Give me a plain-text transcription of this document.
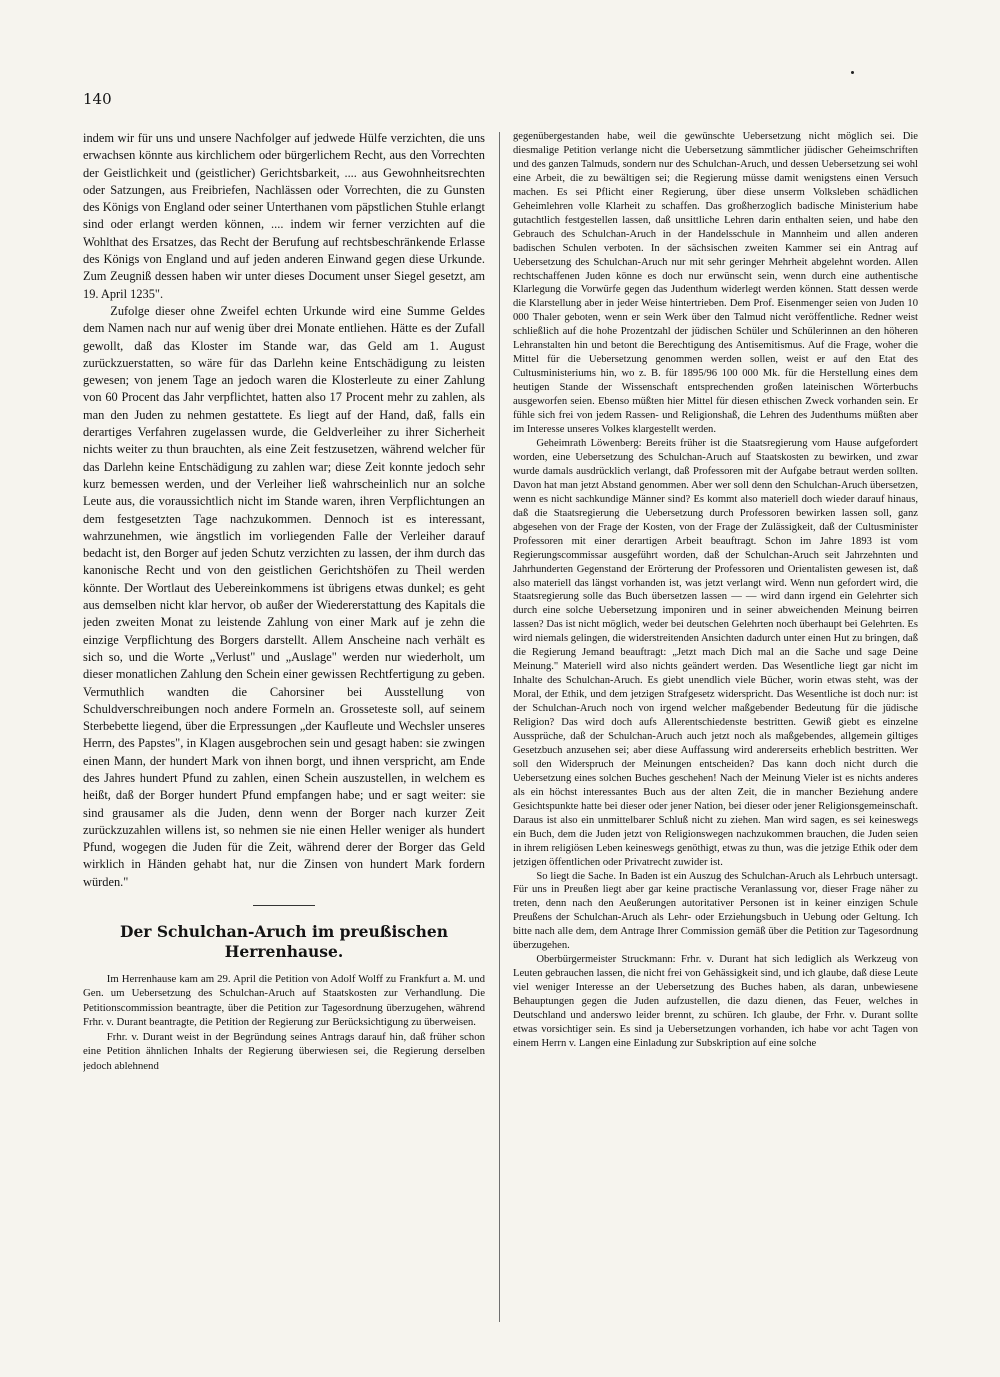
140

indem wir für uns und unsere Nachfolger auf jedwede Hülfe verzichten, die uns erwachsen könnte aus kirchlichem oder bürgerlichem Recht, aus den Vorrechten der Geistlichkeit und (geistlicher) Gerichtsbarkeit, .... aus Gewohnheitsrechten oder Satzungen, aus Freibriefen, Nachlässen oder Vorrechten, die zu Gunsten des Königs von England oder seiner Unterthanen vom päpstlichen Stuhle erlangt sind oder erlangt werden können, .... indem wir ferner verzichten auf die Wohlthat des Ersatzes, das Recht der Berufung auf rechtsbeschränkende Erlasse des Königs von England und auf jeden anderen Einwand gegen diese Urkunde. Zum Zeugniß dessen haben wir unter dieses Document unser Siegel gesetzt, am 19. April 1235".

Zufolge dieser ohne Zweifel echten Urkunde wird eine Summe Geldes dem Namen nach nur auf wenig über drei Monate entliehen. Hätte es der Zufall gewollt, daß das Kloster im Stande war, das Geld am 1. August zurückzuerstatten, so wäre für das Darlehn keine Entschädigung zu leisten gewesen; von jenem Tage an jedoch waren die Klosterleute zu einer Zahlung von 60 Procent das Jahr verpflichtet, hatten also 17 Procent mehr zu zahlen, als man den Juden zu nehmen gestattete. Es liegt auf der Hand, daß, falls ein derartiges Verfahren zugelassen wurde, die Geldverleiher zu ihrer Sicherheit nichts weiter zu thun brauchten, als eine Zeit festzusetzen, während welcher für das Darlehn keine Entschädigung zu zahlen war; diese Zeit konnte jedoch sehr kurz bemessen werden, und der Verleiher ließ wahrscheinlich nur an solche Leute aus, die voraussichtlich nicht im Stande waren, ihren Verpflichtungen an dem festgesetzten Tage nachzukommen. Dennoch ist es interessant, wahrzunehmen, wie ängstlich im vorliegenden Falle der Verleiher darauf bedacht ist, den Borger auf jeden Schutz verzichten zu lassen, der ihm durch das kanonische Recht und von den geistlichen Gerichtshöfen zu Theil werden könnte. Der Wortlaut des Uebereinkommens ist übrigens etwas dunkel; es geht aus demselben nicht klar hervor, ob außer der Wiedererstattung des Kapitals die jeden zweiten Monat zu leistende Zahlung von einer Mark auf je zehn die einzige Verpflichtung des Borgers darstellt. Allem Anscheine nach verhält es sich so, und die Worte „Verlust" und „Auslage" werden nur wiederholt, um dieser monatlichen Zahlung den Schein einer gewissen Rechtfertigung zu geben. Vermuthlich wandten die Cahorsiner bei Ausstellung von Schuldverschreibungen noch andere Formeln an. Grosseteste soll, auf seinem Sterbebette liegend, über die Erpressungen „der Kaufleute und Wechsler unseres Herrn, des Papstes", in Klagen ausgebrochen sein und gesagt haben: sie zwingen einen Mann, der hundert Mark von ihnen borgt, und ihnen verspricht, am Ende des Jahres hundert Pfund zu zahlen, einen Schein auszustellen, in welchem es heißt, daß der Borger hundert Pfund empfangen habe; und er sagt weiter: sie sind grausamer als die Juden, denn wenn der Borger nach kurzer Zeit zurückzuzahlen willens ist, so nehmen sie nie einen Heller weniger als hundert Pfund, wogegen die Juden für die Zeit, während derer der Borger das Geld wirklich in Händen gehabt hat, nur die Zinsen von hundert Mark fordern würden."

Der Schulchan-Aruch im preußischen Herrenhause.

Im Herrenhause kam am 29. April die Petition von Adolf Wolff zu Frankfurt a. M. und Gen. um Uebersetzung des Schulchan-Aruch auf Staatskosten zur Verhandlung. Die Petitionscommission beantragte, über die Petition zur Tagesordnung überzugehen, während Frhr. v. Durant beantragte, die Petition der Regierung zur Berücksichtigung zu überweisen.

Frhr. v. Durant weist in der Begründung seines Antrags darauf hin, daß früher schon eine Petition ähnlichen Inhalts der Regierung überwiesen sei, die Regierung derselben jedoch ablehnend

gegenübergestanden habe, weil die gewünschte Uebersetzung nicht möglich sei. Die diesmalige Petition verlange nicht die Uebersetzung sämmtlicher jüdischer Geheimschriften und des ganzen Talmuds, sondern nur des Schulchan-Aruch, und dessen Uebersetzung sei wohl eine Arbeit, die zu bewältigen sei; die Regierung müsse damit wenigstens einen Versuch machen. Es sei Pflicht einer Regierung, über diese unserm Volksleben schädlichen Geheimlehren volle Klarheit zu schaffen. Das großherzoglich badische Ministerium habe gutachtlich festgestellen lassen, daß unsittliche Lehren darin enthalten seien, und habe den Gebrauch des Schulchan-Aruch in der Handelsschule in Mannheim und allen anderen badischen Schulen verboten. In der sächsischen zweiten Kammer sei ein Antrag auf Uebersetzung des Schulchan-Aruch nur mit sehr geringer Mehrheit abgelehnt worden. Allen rechtschaffenen Juden könne es doch nur erwünscht sein, wenn durch eine authentische Klarlegung die Vorwürfe gegen das Judenthum widerlegt werden können. Statt dessen werde die Klarstellung aber in jeder Weise hintertrieben. Dem Prof. Eisenmenger seien von Juden 10 000 Thaler geboten, wenn er sein Werk über den Talmud nicht veröffentliche. Redner weist schließlich auf die hohe Prozentzahl der jüdischen Schüler und Schülerinnen an den höheren Lehranstalten hin und betont die Berechtigung des Antisemitismus. Auf die Frage, woher die Mittel für die Uebersetzung genommen werden sollen, weist er auf den Etat des Cultusministeriums hin, wo z. B. für 1895/96 100 000 Mk. für die Herstellung eines dem heutigen Stande der Wissenschaft entsprechenden großen lateinischen Wörterbuchs ausgeworfen seien. Ebenso müßten hier Mittel für diesen ethischen Zweck vorhanden sein. Er fühle sich frei von jedem Rassen- und Religionshaß, die Lehren des Judenthums müßten aber im Interesse unseres Volkes klargestellt werden.

Geheimrath Löwenberg: Bereits früher ist die Staatsregierung vom Hause aufgefordert worden, eine Uebersetzung des Schulchan-Aruch auf Staatskosten zu bewirken, und zwar wurde damals ausdrücklich verlangt, daß Professoren mit der Aufgabe betraut werden sollten. Davon hat man jetzt Abstand genommen. Aber wer soll denn den Schulchan-Aruch übersetzen, wenn es nicht sachkundige Männer sind? Es kommt also materiell doch wieder darauf hinaus, daß die Staatsregierung die Uebersetzung durch Professoren bewirken lassen soll, ganz abgesehen von der Frage der Kosten, von der Frage der Zulässigkeit, daß der Cultusminister Professoren mit einer derartigen Arbeit beauftragt. Schon im Jahre 1893 ist vom Regierungscommissar ausgeführt worden, daß der Schulchan-Aruch seit Jahrzehnten und Jahrhunderten Gegenstand der Erörterung der Professoren und Orientalisten gewesen ist, daß also materiell das längst vorhanden ist, was jetzt verlangt wird. Wenn nun gefordert wird, die Staatsregierung solle das Buch übersetzen lassen — — wird dann irgend ein Gelehrter sich durch eine solche Uebersetzung imponiren und in seiner abweichenden Meinung beirren lassen? Das ist nicht möglich, weder bei deutschen Gelehrten noch überhaupt bei Gelehrten. Es wird niemals gelingen, die widerstreitenden Ansichten dadurch unter einen Hut zu bringen, daß die Regierung Jemand beauftragt: „Jetzt mach Dich mal an die Sache und sage Deine Meinung." Materiell wird also nichts geändert werden. Das Wesentliche liegt gar nicht im Inhalte des Schulchan-Aruch. Es giebt unendlich viele Bücher, worin etwas steht, was der Moral, der Ethik, und dem jetzigen Strafgesetz widerspricht. Das Wesentliche ist doch nur: ist der Schulchan-Aruch noch von irgend welcher maßgebender Bedeutung für die jüdische Religion? Das wird doch aufs Allerentschiedenste bestritten. Gewiß giebt es einzelne Aussprüche, daß der Schulchan-Aruch auch jetzt noch als maßgebendes, allgemein giltiges Gesetzbuch anzusehen sei; aber diese Auffassung wird andererseits erheblich bestritten. Wer soll den Widerspruch der Meinungen entscheiden? Das kann doch nicht durch die Uebersetzung eines solchen Buches geschehen! Nach der Meinung Vieler ist es nichts anderes als ein höchst interessantes Buch aus der alten Zeit, die in mancher Beziehung andere Gesichtspunkte hatte bei dieser oder jener Nation, bei dieser oder jener Religionsgemeinschaft. Daraus ist also ein unmittelbarer Schluß nicht zu ziehen. Man wird sagen, es sei keineswegs ein Buch, dem die Juden jetzt von Religionswegen nachzukommen brauchen, die Juden seien in ihrem religiösen Leben keineswegs genöthigt, etwas zu thun, was die jetzige Ethik oder dem jetzigen öffentlichen oder Privatrecht zuwider ist.

So liegt die Sache. In Baden ist ein Auszug des Schulchan-Aruch als Lehrbuch untersagt. Für uns in Preußen liegt aber gar keine practische Veranlassung vor, dieser Frage näher zu treten, denn nach den Aeußerungen autoritativer Personen ist in keiner einzigen Schule Preußens der Schulchan-Aruch als Lehr- oder Erziehungsbuch in Uebung oder Geltung. Ich bitte nach alle dem, dem Antrage Ihrer Commission gemäß über die Petition zur Tagesordnung überzugehen.

Oberbürgermeister Struckmann: Frhr. v. Durant hat sich lediglich als Werkzeug von Leuten gebrauchen lassen, die nicht frei von Gehässigkeit sind, und ich glaube, daß diese Leute viel weniger Interesse an der Uebersetzung des Buches haben, als daran, unbewiesene Behauptungen gegen die Juden aufzustellen, die dazu dienen, das Feuer, welches in Deutschland und anderswo leider brennt, zu schüren. Ich glaube, der Frhr. v. Durant sollte etwas vorsichtiger sein. Es sind ja Uebersetzungen vorhanden, ich habe vor acht Tagen von einem Herrn v. Langen eine Einladung zur Subskription auf eine solche
